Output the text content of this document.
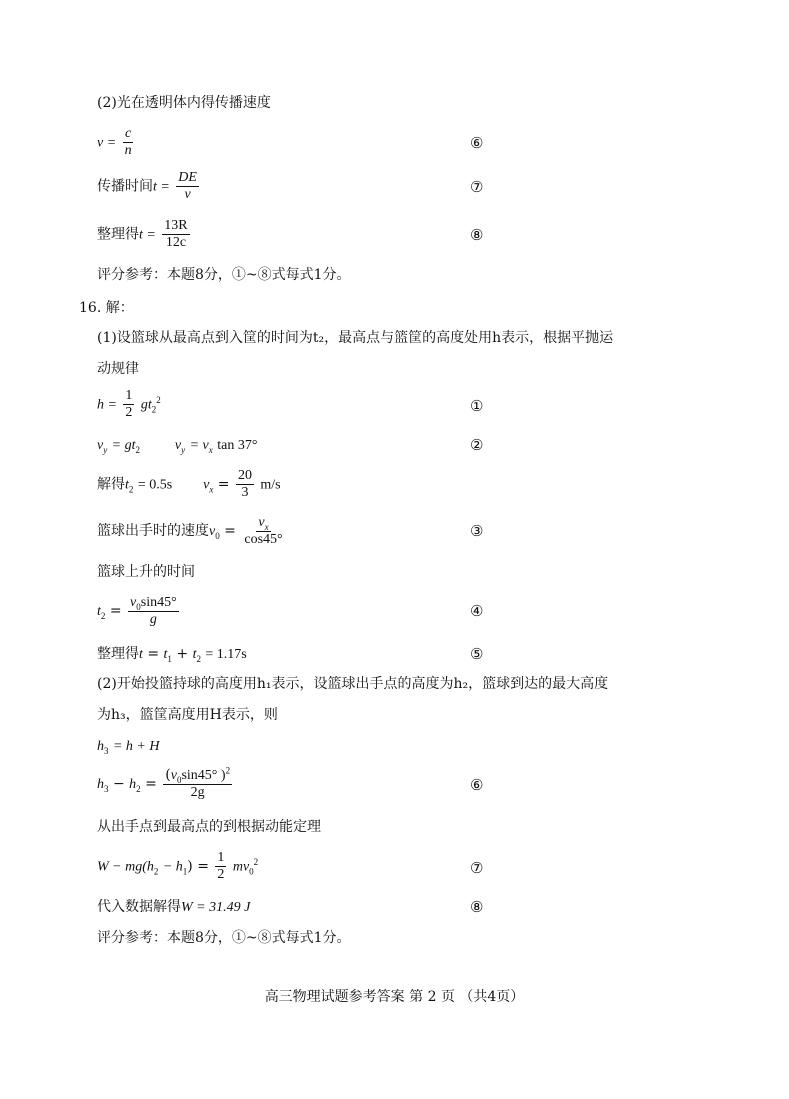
(2)光在透明体内得传播速度
$v = \frac{c}{n}$	⑥
传播时间$t = \frac{DE}{v}$	⑦
整理得$t = \frac{13R}{12c}$	⑧
评分参考：本题8分，①~⑧式每式1分。
16. 解：
(1)设篮球从最高点到入筐的时间为t₂，最高点与篮筐的高度处用h表示，根据平抛运
动规律
$h = \frac{1}{2} gt_2^2$	①
$v_y = gt_2$ $v_y = v_x$ tan 37°	②
解得$t_2 = 0.5s$ $v_x = \frac{20}{3} m/s$
篮球出手时的速度$v_0 = \frac{v_x}{\cos 45^\circ}$	③
篮球上升的时间
$t_2 = \frac{v_0\sin 45^\circ}{g}$	④
整理得$t = t_1 + t_2 = 1.17s$	⑤
(2)开始投篮持球的高度用h₁表示，设篮球出手点的高度为h₂，篮球到达的最大高度
为h₃，篮筐高度用H表示，则
$h_3 = h + H$
$h_3 - h_2 = \frac{(v_0\sin 45^\circ )^2}{2g}$	⑥
从出手点到最高点的到根据动能定理
$W - mg(h_2 - h_1) = \frac{1}{2} mv_0^2$	⑦
代入数据解得W = 31.49 J	⑧
评分参考：本题8分，①~⑧式每式1分。
高三物理试题参考答案 第 2 页 （共4页）
